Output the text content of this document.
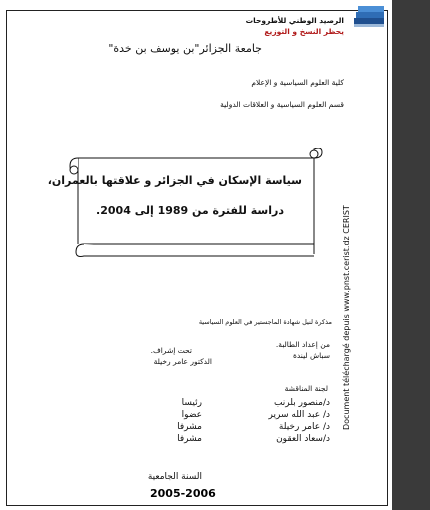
الرصيد الوطني للأطروحات
يحظر النسخ و التوزيع
جامعة الجزائر"بن يوسف بن خدة"
كلية العلوم السياسية و الإعلام
قسم العلوم السياسية و العلاقات الدولية
سياسة الإسكان في الجزائر و علاقتها بالعمران،
دراسة للفترة من 1989 إلى 2004.
مذكرة لنيل شهادة الماجستير في العلوم السياسية
من إعداد الطالبة.
سباش ليندة
تحت إشراف.
الدكتور عامر رخيلة
لجنة المناقشة
د/منصور بلرنب
رئيسا
د/ عبد الله سرير
عضوا
د/ عامر رخيلة
مشرفا
د/سعاد العقون
مشرفا
السنة الجامعية
2005-2006
Document téléchargé depuis www.pnst.cerist.dz CERIST
